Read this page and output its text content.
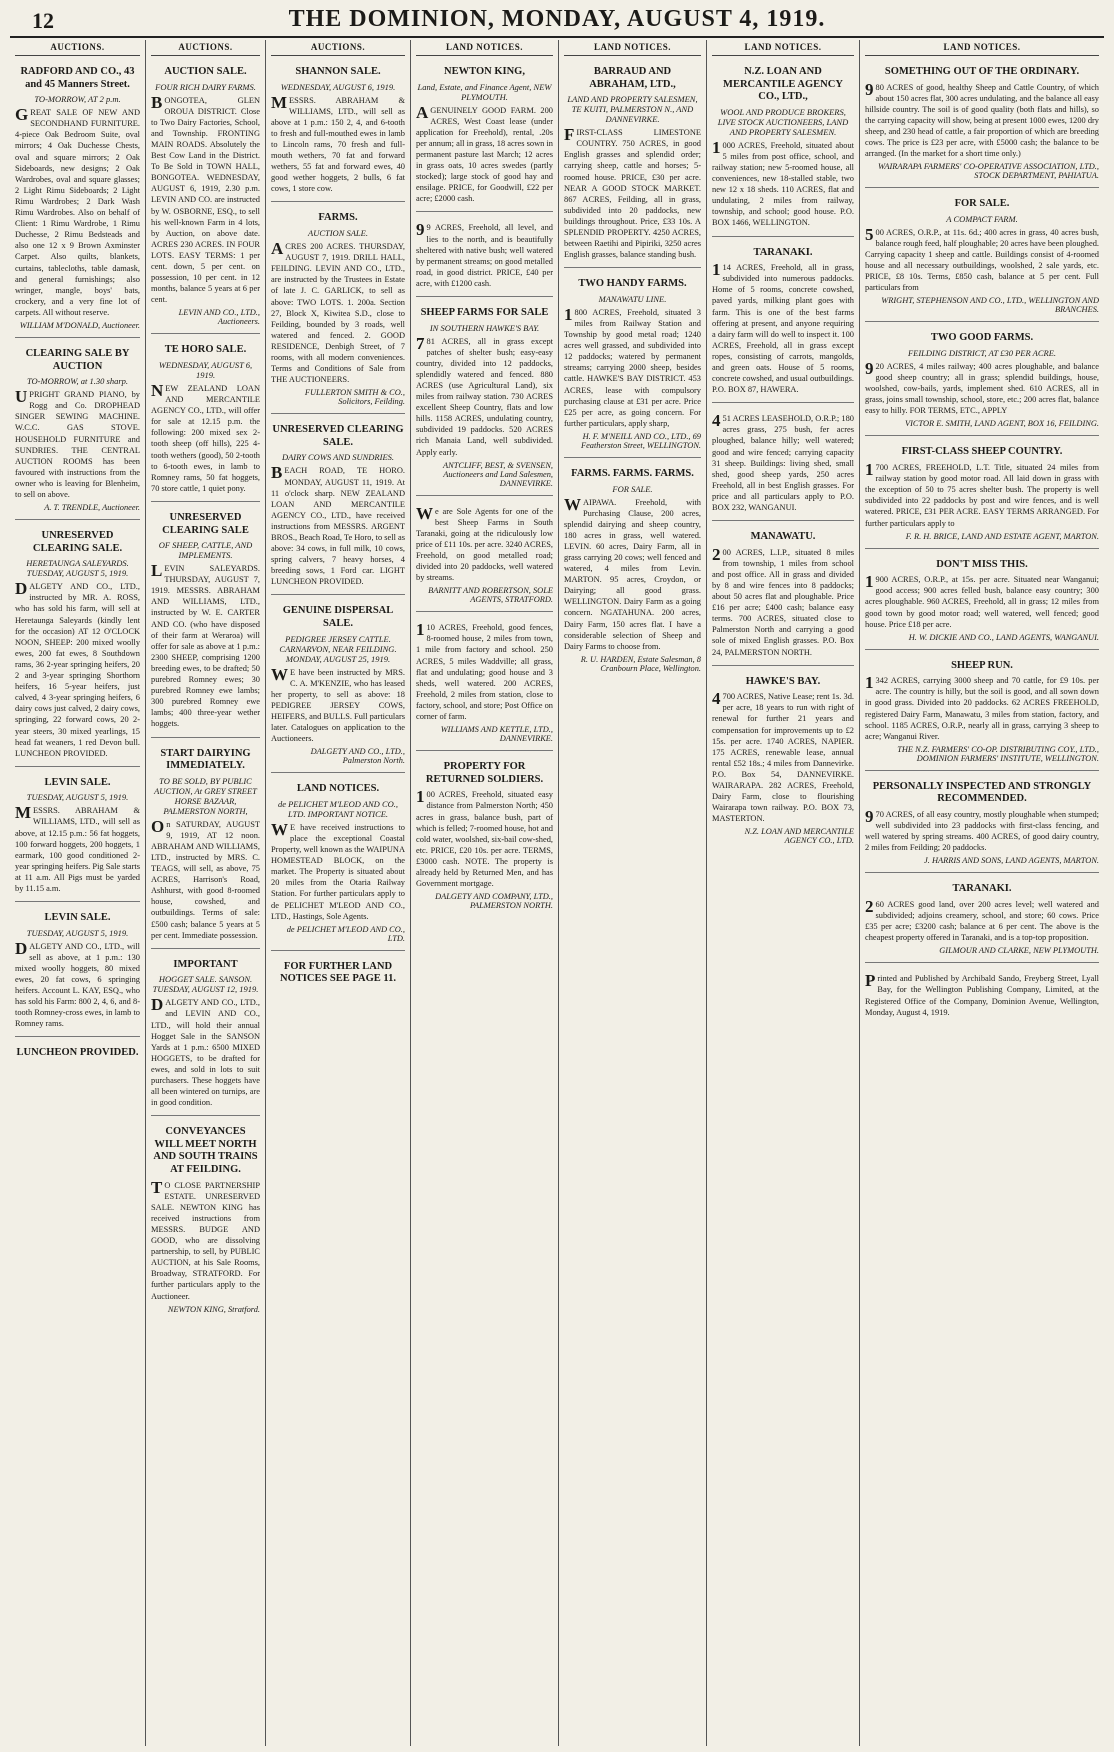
12	THE DOMINION, MONDAY, AUGUST 4, 1919.
AUCTIONS.
RADFORD AND CO., 43 and 45 Manners Street.
TO-MORROW, AT 2 p.m.
GREAT SALE OF NEW AND SECONDHAND FURNITURE. 4-piece Oak Bedroom Suite, oval mirrors; 4 Oak Duchesse Chests, oval and square mirrors; 2 Oak Sideboards, new designs; 2 Oak Wardrobes, oval and square glasses; 2 Light Rimu Sideboards; 2 Light Rimu Wardrobes; 2 Dark Wash Rimu Wardrobes. Also on behalf of Client: 1 Rimu Wardrobe, 1 Rimu Duchesse, 2 Rimu Bedsteads and also one 12 x 9 Brown Axminster Carpet. Also quilts, blankets, curtains, tablecloths, table damask, and general furnishings; also wringer, mangle, boys' bats, crockery, and a very fine lot of carpets. All without reserve.
WILLIAM M'DONALD, Auctioneer.
CLEARING SALE BY AUCTION
TO-MORROW, at 1.30 sharp.
UPRIGHT GRAND PIANO, by Rogg and Co. DROPHEAD SINGER SEWING MACHINE. W.C.C. GAS STOVE. HOUSEHOLD FURNITURE and SUNDRIES. THE CENTRAL AUCTION ROOMS has been favoured with instructions from the owner who is leaving for Blenheim, to sell on above.
A. T. TRENDLE, Auctioneer.
UNRESERVED CLEARING SALE.
HERETAUNGA SALEYARDS. TUESDAY, AUGUST 5, 1919.
DALGETY AND CO., LTD., instructed by MR. A. ROSS, who has sold his farm, will sell at Heretaunga Saleyards (kindly lent for the occasion) AT 12 O'CLOCK NOON, SHEEP: 200 mixed woolly ewes, 200 fat ewes, 8 Southdown rams, 36 2-year springing heifers, 20 2 and 3-year springing Shorthorn heifers, 16 5-year heifers, just calved, 4 3-year springing heifers, 6 dairy cows just calved, 2 dairy cows, springing, 22 forward cows, 20 2-year steers, 30 mixed yearlings, 15 head fat weaners, 1 red Devon bull. LUNCHEON PROVIDED.
LEVIN SALE.
TUESDAY, AUGUST 5, 1919.
MESSRS. ABRAHAM & WILLIAMS, LTD., will sell as above, at 12.15 p.m.: 56 fat hoggets, 100 forward hoggets, 200 hoggets, 1 earmark, 100 good conditioned 2-year springing heifers. Pig Sale starts at 11 a.m. All Pigs must be yarded by 11.15 a.m.
LEVIN SALE.
TUESDAY, AUGUST 5, 1919.
DALGETY AND CO., LTD., will sell as above, at 1 p.m.: 130 mixed woolly hoggets, 80 mixed ewes, 20 fat cows, 6 springing heifers. Account L. KAY, ESQ., who has sold his Farm: 800 2, 4, 6, and 8-tooth Romney-cross ewes, in lamb to Romney rams.
LUNCHEON PROVIDED.
AUCTIONS.
AUCTION SALE.
FOUR RICH DAIRY FARMS.
BONGOTEA, GLEN OROUA DISTRICT. Close to Two Dairy Factories, School, and Township. FRONTING MAIN ROADS. Absolutely the Best Cow Land in the District. To Be Sold in TOWN HALL, BONGOTEA. WEDNESDAY, AUGUST 6, 1919, 2.30 p.m. LEVIN AND CO. are instructed by W. OSBORNE, ESQ., to sell his well-known Farm in 4 lots, by Auction, on above date. ACRES 230 ACRES. IN FOUR LOTS. EASY TERMS: 1 per cent. down, 5 per cent. on possession, 10 per cent. in 12 months, balance 5 years at 6 per cent.
LEVIN AND CO., LTD., Auctioneers.
TE HORO SALE.
WEDNESDAY, AUGUST 6, 1919.
NEW ZEALAND LOAN AND MERCANTILE AGENCY CO., LTD., will offer for sale at 12.15 p.m. the following: 200 mixed sex 2-tooth sheep (off hills), 225 4-tooth wethers (good), 50 2-tooth to 6-tooth ewes, in lamb to Romney rams, 50 fat hoggets, 70 store cattle, 1 quiet pony.
UNRESERVED CLEARING SALE
OF SHEEP, CATTLE, AND IMPLEMENTS.
LEVIN SALEYARDS. THURSDAY, AUGUST 7, 1919. MESSRS. ABRAHAM AND WILLIAMS, LTD., instructed by W. E. CARTER AND CO. (who have disposed of their farm at Weraroa) will offer for sale as above at 1 p.m.: 2300 SHEEP, comprising 1200 breeding ewes, to be drafted; 50 purebred Romney ewes; 30 purebred Romney ewe lambs; 300 purebred Romney ewe lambs; 400 three-year wether hoggets.
START DAIRYING IMMEDIATELY.
TO BE SOLD, BY PUBLIC AUCTION, At GREY STREET HORSE BAZAAR, PALMERSTON NORTH,
On SATURDAY, AUGUST 9, 1919, AT 12 noon. ABRAHAM AND WILLIAMS, LTD., instructed by MRS. C. TEAGS, will sell, as above, 75 ACRES, Harrison's Road, Ashhurst, with good 8-roomed house, cowshed, and outbuildings. Terms of sale: £500 cash; balance 5 years at 5 per cent. Immediate possession.
IMPORTANT
HOGGET SALE. SANSON. TUESDAY, AUGUST 12, 1919.
DALGETY AND CO., LTD., and LEVIN AND CO., LTD., will hold their annual Hogget Sale in the SANSON Yards at 1 p.m.: 6500 MIXED HOGGETS, to be drafted for ewes, and sold in lots to suit purchasers. These hoggets have all been wintered on turnips, are in good condition.
CONVEYANCES WILL MEET NORTH AND SOUTH TRAINS AT FEILDING.
TO CLOSE PARTNERSHIP ESTATE. UNRESERVED SALE. NEWTON KING has received instructions from MESSRS. BUDGE AND GOOD, who are dissolving partnership, to sell, by PUBLIC AUCTION, at his Sale Rooms, Broadway, STRATFORD. For further particulars apply to the Auctioneer.
NEWTON KING, Stratford.
AUCTIONS.
SHANNON SALE.
WEDNESDAY, AUGUST 6, 1919.
MESSRS. ABRAHAM & WILLIAMS, LTD., will sell as above at 1 p.m.: 150 2, 4, and 6-tooth to fresh and full-mouthed ewes in lamb to Lincoln rams, 70 fresh and full-mouth wethers, 70 fat and forward wethers, 55 fat and forward ewes, 40 good wether hoggets, 2 bulls, 6 fat cows, 1 store cow.
FARMS.
AUCTION SALE.
ACRES 200 ACRES. THURSDAY, AUGUST 7, 1919. DRILL HALL, FEILDING. LEVIN AND CO., LTD., are instructed by the Trustees in Estate of late J. C. GARLICK, to sell as above: TWO LOTS. 1. 200a. Section 27, Block X, Kiwitea S.D., close to Feilding, bounded by 3 roads, well watered and fenced. 2. GOOD RESIDENCE, Denbigh Street, of 7 rooms, with all modern conveniences. Terms and Conditions of Sale from THE AUCTIONEERS.
FULLERTON SMITH & CO., Solicitors, Feilding.
UNRESERVED CLEARING SALE.
DAIRY COWS AND SUNDRIES.
BEACH ROAD, TE HORO. MONDAY, AUGUST 11, 1919. At 11 o'clock sharp. NEW ZEALAND LOAN AND MERCANTILE AGENCY CO., LTD., have received instructions from MESSRS. ARGENT BROS., Beach Road, Te Horo, to sell as above: 34 cows, in full milk, 10 cows, spring calvers, 7 heavy horses, 4 breeding sows, 1 Ford car. LIGHT LUNCHEON PROVIDED.
GENUINE DISPERSAL SALE.
PEDIGREE JERSEY CATTLE. CARNARVON, NEAR FEILDING. MONDAY, AUGUST 25, 1919.
WE have been instructed by MRS. C. A. M'KENZIE, who has leased her property, to sell as above: 18 PEDIGREE JERSEY COWS, HEIFERS, and BULLS. Full particulars later. Catalogues on application to the Auctioneers.
DALGETY AND CO., LTD., Palmerston North.
LAND NOTICES.
de PELICHET M'LEOD AND CO., LTD. IMPORTANT NOTICE.
WE have received instructions to place the exceptional Coastal Property, well known as the WAIPUNA HOMESTEAD BLOCK, on the market. The Property is situated about 20 miles from the Otaria Railway Station. For further particulars apply to de PELICHET M'LEOD AND CO., LTD., Hastings, Sole Agents.
de PELICHET M'LEOD AND CO., LTD.
FOR FURTHER LAND NOTICES SEE PAGE 11.
LAND NOTICES.
NEWTON KING,
Land, Estate, and Finance Agent, NEW PLYMOUTH.
AGENUINELY GOOD FARM. 200 ACRES, West Coast lease (under application for Freehold), rental, .20s per annum; all in grass, 18 acres sown in permanent pasture last March; 12 acres in grass oats, 10 acres swedes (partly stocked); large stock of good hay and ensilage. PRICE, for Goodwill, £22 per acre; £2000 cash.
99 ACRES, Freehold, all level, and lies to the north, and is beautifully sheltered with native bush; well watered by permanent streams; on good metalled road, in good district. PRICE, £40 per acre, with £1200 cash.
SHEEP FARMS FOR SALE
IN SOUTHERN HAWKE'S BAY.
781 ACRES, all in grass except patches of shelter bush; easy-easy country, divided into 12 paddocks, splendidly watered and fenced. 880 ACRES (use Agricultural Land), six miles from railway station. 730 ACRES excellent Sheep Country, flats and low hills. 1158 ACRES, undulating country, subdivided 19 paddocks. 520 ACRES rich Manaia Land, well subdivided. Apply early.
ANTCLIFF, BEST, & SVENSEN, Auctioneers and Land Salesmen, DANNEVIRKE.
We are Sole Agents for one of the best Sheep Farms in South Taranaki, going at the ridiculously low price of £11 10s. per acre. 3240 ACRES, Freehold, on good metalled road; divided into 20 paddocks, well watered by streams.
BARNITT AND ROBERTSON, SOLE AGENTS, STRATFORD.
110 ACRES, Freehold, good fences, 8-roomed house, 2 miles from town, 1 mile from factory and school. 250 ACRES, 5 miles Waddville; all grass, flat and undulating; good house and 3 sheds, well watered. 200 ACRES, Freehold, 2 miles from station, close to factory, school, and store; Post Office on corner of farm.
WILLIAMS AND KETTLE, LTD., DANNEVIRKE.
PROPERTY FOR RETURNED SOLDIERS.
100 ACRES, Freehold, situated easy distance from Palmerston North; 450 acres in grass, balance bush, part of which is felled; 7-roomed house, hot and cold water, woolshed, six-bail cow-shed, etc. PRICE, £20 10s. per acre. TERMS, £3000 cash. NOTE. The property is already held by Returned Men, and has Government mortgage.
DALGETY AND COMPANY, LTD., PALMERSTON NORTH.
LAND NOTICES.
BARRAUD AND ABRAHAM, LTD.,
LAND AND PROPERTY SALESMEN, TE KUITI, PALMERSTON N., AND DANNEVIRKE.
FIRST-CLASS LIMESTONE COUNTRY. 750 ACRES, in good English grasses and splendid order; carrying sheep, cattle and horses; 5-roomed house. PRICE, £30 per acre. NEAR A GOOD STOCK MARKET. 867 ACRES, Feilding, all in grass, subdivided into 20 paddocks, new buildings throughout. Price, £33 10s. A SPLENDID PROPERTY. 4250 ACRES, between Raetihi and Pipiriki, 3250 acres English grasses, balance standing bush.
TWO HANDY FARMS.
MANAWATU LINE.
1800 ACRES, Freehold, situated 3 miles from Railway Station and Township by good metal road; 1240 acres well grassed, and subdivided into 12 paddocks; watered by permanent streams; carrying 2000 sheep, besides cattle. HAWKE'S BAY DISTRICT. 453 ACRES, lease with compulsory purchasing clause at £31 per acre. Price £25 per acre, as going concern. For further particulars, apply sharp,
H. F. M'NEILL AND CO., LTD., 69 Featherston Street, WELLINGTON.
FARMS. FARMS. FARMS.
FOR SALE.
WAIPAWA. Freehold, with Purchasing Clause, 200 acres, splendid dairying and sheep country, 180 acres in grass, well watered. LEVIN. 60 acres, Dairy Farm, all in grass carrying 20 cows; well fenced and watered, 4 miles from Levin. MARTON. 95 acres, Croydon, or Dairying; all good grass. WELLINGTON. Dairy Farm as a going concern. NGATAHUNA. 200 acres, Dairy Farm, 150 acres flat. I have a considerable selection of Sheep and Dairy Farms to choose from.
R. U. HARDEN, Estate Salesman, 8 Cranbourn Place, Wellington.
LAND NOTICES.
N.Z. LOAN AND MERCANTILE AGENCY CO., LTD.,
WOOL AND PRODUCE BROKERS, LIVE STOCK AUCTIONEERS, LAND AND PROPERTY SALESMEN.
1000 ACRES, Freehold, situated about 5 miles from post office, school, and railway station; new 5-roomed house, all conveniences, new 18-stalled stable, two new 12 x 18 sheds. 110 ACRES, flat and undulating, 2 miles from railway, township, and school; good house. P.O. BOX 1466, WELLINGTON.
TARANAKI.
114 ACRES, Freehold, all in grass, subdivided into numerous paddocks. Home of 5 rooms, concrete cowshed, paved yards, milking plant goes with farm. This is one of the best farms offering at present, and anyone requiring a dairy farm will do well to inspect it. 100 ACRES, Freehold, all in grass except ropes, consisting of carrots, mangolds, and green oats. House of 5 rooms, concrete cowshed, and usual outbuildings. P.O. BOX 87, HAWERA.
451 ACRES LEASEHOLD, O.R.P.; 180 acres grass, 275 bush, fer acres ploughed, balance hilly; well watered; good and wire fenced; carrying capacity 31 sheep. Buildings: living shed, small shed, good sheep yards, 250 acres Freehold, all in best English grasses. For price and all particulars apply to P.O. BOX 232, WANGANUI.
MANAWATU.
200 ACRES, L.I.P., situated 8 miles from township, 1 miles from school and post office. All in grass and divided by 8 and wire fences into 8 paddocks; about 50 acres flat and ploughable. Price £16 per acre; £400 cash; balance easy terms. 700 ACRES, situated close to Palmerston North and carrying a good sole of mixed English grasses. P.O. Box 24, PALMERSTON NORTH.
HAWKE'S BAY.
4700 ACRES, Native Lease; rent 1s. 3d. per acre, 18 years to run with right of renewal for further 21 years and compensation for improvements up to £2 15s. per acre. 1740 ACRES, NAPIER. 175 ACRES, renewable lease, annual rental £52 18s.; 4 miles from Dannevirke. P.O. Box 54, DANNEVIRKE. WAIRARAPA. 282 ACRES, Freehold, Dairy Farm, close to flourishing Wairarapa town railway. P.O. BOX 73, MASTERTON.
N.Z. LOAN AND MERCANTILE AGENCY CO., LTD.
LAND NOTICES.
SOMETHING OUT OF THE ORDINARY.
980 ACRES of good, healthy Sheep and Cattle Country, of which about 150 acres flat, 300 acres undulating, and the balance all easy hillside country. The soil is of good quality (both flats and hills), so the carrying capacity will show, being at present 1000 ewes, 1200 dry sheep, and 230 head of cattle, a fair proportion of which are breeding cows. The price is £23 per acre, with £5000 cash; the balance to be arranged. (In the market for a short time only.)
WAIRARAPA FARMERS' CO-OPERATIVE ASSOCIATION, LTD., STOCK DEPARTMENT, PAHIATUA.
FOR SALE.
A COMPACT FARM.
500 ACRES, O.R.P., at 11s. 6d.; 400 acres in grass, 40 acres bush, balance rough feed, half ploughable; 20 acres have been ploughed. Carrying capacity 1 sheep and cattle. Buildings consist of 4-roomed house and all necessary outbuildings, woolshed, 2 sale yards, etc. PRICE, £8 10s. Terms, £850 cash, balance at 5 per cent. Full particulars from
WRIGHT, STEPHENSON AND CO., LTD., WELLINGTON AND BRANCHES.
TWO GOOD FARMS.
FEILDING DISTRICT, AT £30 PER ACRE.
920 ACRES, 4 miles railway; 400 acres ploughable, and balance good sheep country; all in grass; splendid buildings, house, woolshed, cow-bails, yards, implement shed. 610 ACRES, all in grass, joins small township, school, store, etc.; 200 acres flat, balance easy to hilly. FOR TERMS, ETC., APPLY
VICTOR E. SMITH, LAND AGENT, BOX 16, FEILDING.
FIRST-CLASS SHEEP COUNTRY.
1700 ACRES, FREEHOLD, L.T. Title, situated 24 miles from railway station by good motor road. All laid down in grass with the exception of 50 to 75 acres shelter bush. The property is well subdivided into 22 paddocks by post and wire fences, and is well watered. PRICE, £31 PER ACRE. EASY TERMS ARRANGED. For further particulars apply to
F. R. H. BRICE, LAND AND ESTATE AGENT, MARTON.
DON'T MISS THIS.
1900 ACRES, O.R.P., at 15s. per acre. Situated near Wanganui; good access; 900 acres felled bush, balance easy country; 300 acres ploughable. 960 ACRES, Freehold, all in grass; 12 miles from good town by good motor road; well watered, well fenced; good house. Price £18 per acre.
H. W. DICKIE AND CO., LAND AGENTS, WANGANUI.
SHEEP RUN.
1342 ACRES, carrying 3000 sheep and 70 cattle, for £9 10s. per acre. The country is hilly, but the soil is good, and all sown down in good grass. Divided into 20 paddocks. 62 ACRES FREEHOLD, registered Dairy Farm, Manawatu, 3 miles from station, factory, and school. 1185 ACRES, O.R.P., nearly all in grass, carrying 3 sheep to acre; Wanganui River.
THE N.Z. FARMERS' CO-OP. DISTRIBUTING COY., LTD., DOMINION FARMERS' INSTITUTE, WELLINGTON.
PERSONALLY INSPECTED AND STRONGLY RECOMMENDED.
970 ACRES, of all easy country, mostly ploughable when stumped; well subdivided into 23 paddocks with first-class fencing, and well watered by spring streams. 400 ACRES, of good dairy country, 2 miles from Feilding; 20 paddocks.
J. HARRIS AND SONS, LAND AGENTS, MARTON.
TARANAKI.
260 ACRES good land, over 200 acres level; well watered and subdivided; adjoins creamery, school, and store; 60 cows. Price £35 per acre; £3200 cash; balance at 6 per cent. The above is the cheapest property offered in Taranaki, and is a top-top proposition.
GILMOUR AND CLARKE, NEW PLYMOUTH.
Printed and Published by Archibald Sando, Freyberg Street, Lyall Bay, for the Wellington Publishing Company, Limited, at the Registered Office of the Company, Dominion Avenue, Wellington, Monday, August 4, 1919.
